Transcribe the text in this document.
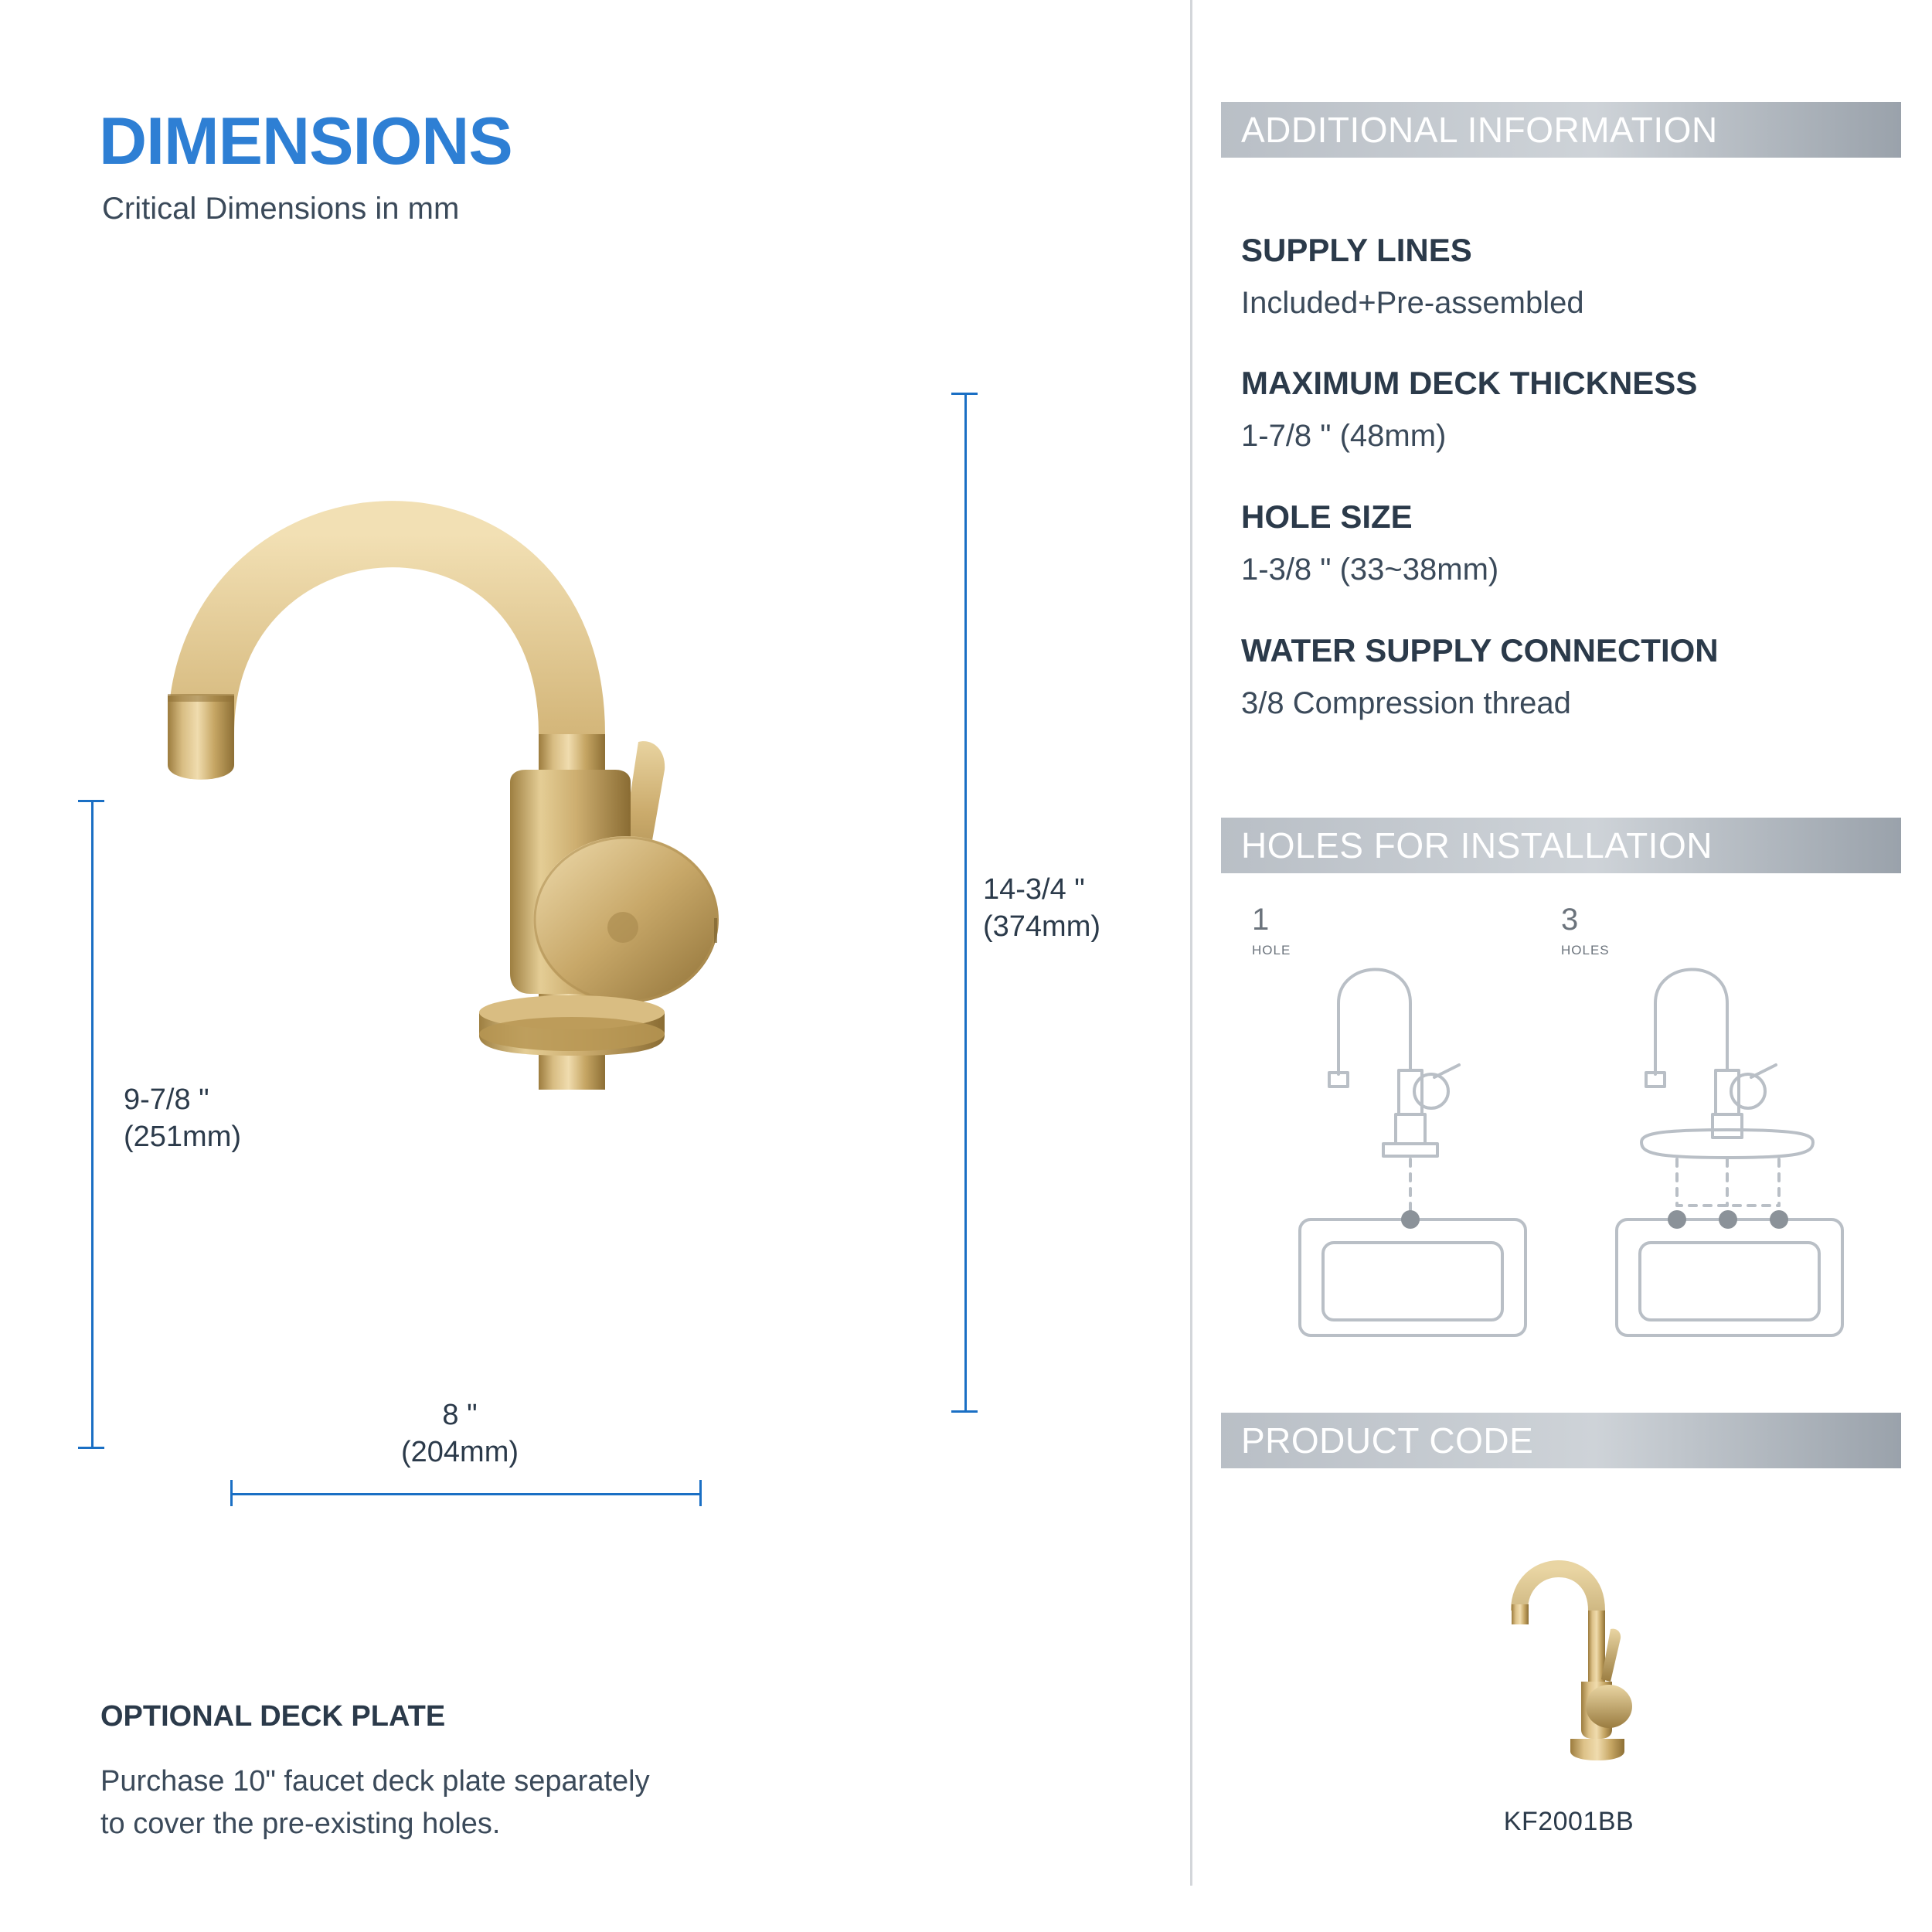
DIMENSIONS
Critical Dimensions in mm
14-3/4 "
(374mm)
9-7/8 "
(251mm)
8 "
(204mm)
OPTIONAL DECK PLATE
Purchase 10" faucet deck plate separately
to cover the pre-existing holes.
ADDITIONAL INFORMATION
SUPPLY LINES
Included+Pre-assembled
MAXIMUM DECK THICKNESS
1-7/8 " (48mm)
HOLE SIZE
1-3/8 " (33~38mm)
WATER SUPPLY CONNECTION
3/8 Compression thread
HOLES FOR INSTALLATION
1
HOLE
3
HOLES
PRODUCT CODE
KF2001BB
